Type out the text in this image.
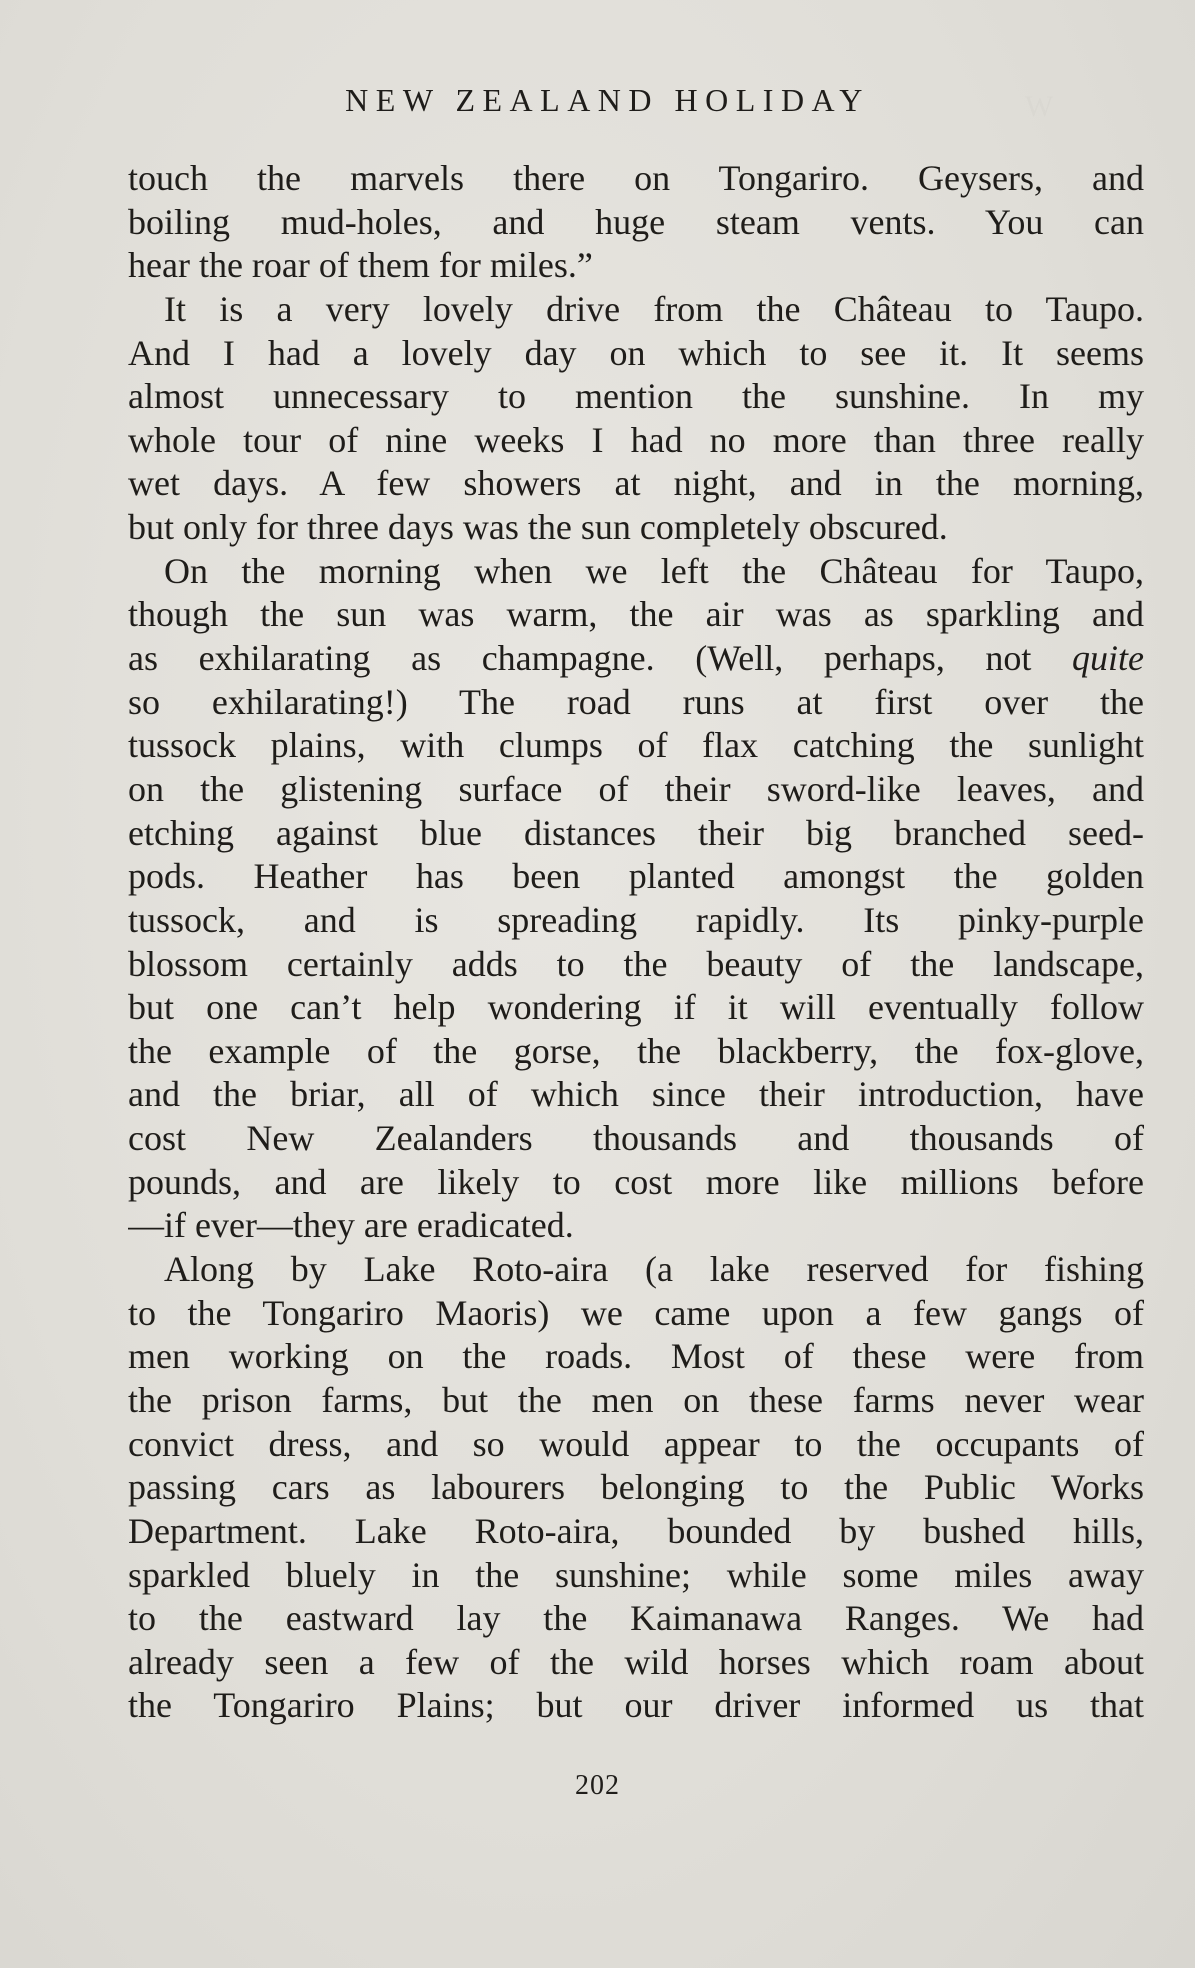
W
NEW ZEALAND HOLIDAY
touch the marvels there on Tongariro. Geysers, and
boiling mud-holes, and huge steam vents. You can
hear the roar of them for miles.”
It is a very lovely drive from the Château to Taupo.
And I had a lovely day on which to see it. It seems
almost unnecessary to mention the sunshine. In my
whole tour of nine weeks I had no more than three really
wet days. A few showers at night, and in the morning,
but only for three days was the sun completely obscured.
On the morning when we left the Château for Taupo,
though the sun was warm, the air was as sparkling and
as exhilarating as champagne. (Well, perhaps, not quite
so exhilarating!) The road runs at first over the
tussock plains, with clumps of flax catching the sunlight
on the glistening surface of their sword-like leaves, and
etching against blue distances their big branched seed-
pods. Heather has been planted amongst the golden
tussock, and is spreading rapidly. Its pinky-purple
blossom certainly adds to the beauty of the landscape,
but one can’t help wondering if it will eventually follow
the example of the gorse, the blackberry, the fox-glove,
and the briar, all of which since their introduction, have
cost New Zealanders thousands and thousands of
pounds, and are likely to cost more like millions before
—if ever—they are eradicated.
Along by Lake Roto-aira (a lake reserved for fishing
to the Tongariro Maoris) we came upon a few gangs of
men working on the roads. Most of these were from
the prison farms, but the men on these farms never wear
convict dress, and so would appear to the occupants of
passing cars as labourers belonging to the Public Works
Department. Lake Roto-aira, bounded by bushed hills,
sparkled bluely in the sunshine; while some miles away
to the eastward lay the Kaimanawa Ranges. We had
already seen a few of the wild horses which roam about
the Tongariro Plains; but our driver informed us that
202
